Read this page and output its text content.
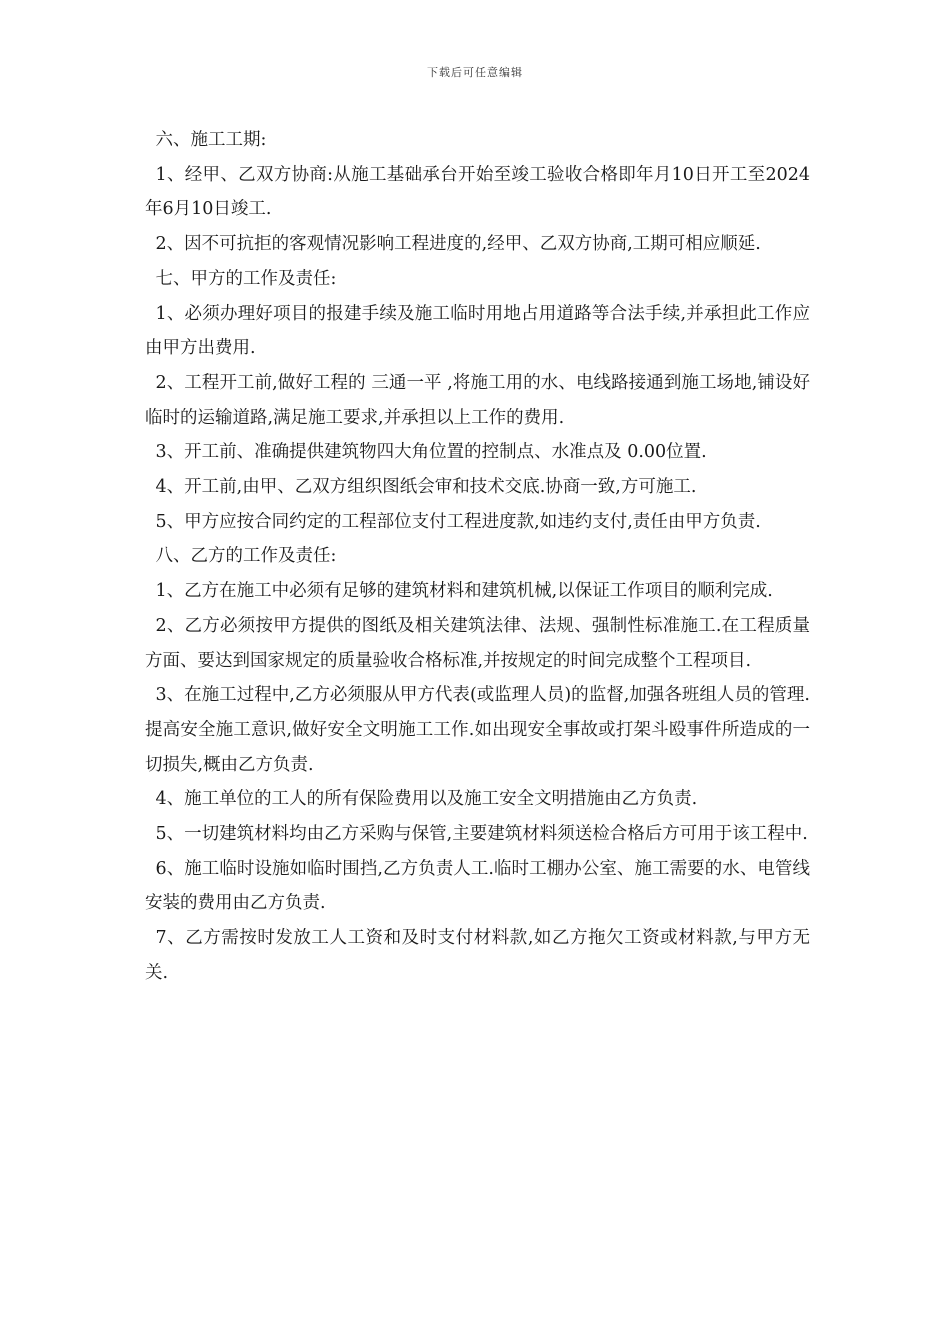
下载后可任意编辑

六、施工工期:

1、经甲、乙双方协商:从施工基础承台开始至竣工验收合格即年月10日开工至2024年6月10日竣工.

2、因不可抗拒的客观情况影响工程进度的,经甲、乙双方协商,工期可相应顺延.

七、甲方的工作及责任:

1、必须办理好项目的报建手续及施工临时用地占用道路等合法手续,并承担此工作应由甲方出费用.

2、工程开工前,做好工程的 三通一平 ,将施工用的水、电线路接通到施工场地,铺设好临时的运输道路,满足施工要求,并承担以上工作的费用.

3、开工前、准确提供建筑物四大角位置的控制点、水准点及 0.00位置.

4、开工前,由甲、乙双方组织图纸会审和技术交底.协商一致,方可施工.

5、甲方应按合同约定的工程部位支付工程进度款,如违约支付,责任由甲方负责.

八、乙方的工作及责任:

1、乙方在施工中必须有足够的建筑材料和建筑机械,以保证工作项目的顺利完成.

2、乙方必须按甲方提供的图纸及相关建筑法律、法规、强制性标准施工.在工程质量方面、要达到国家规定的质量验收合格标准,并按规定的时间完成整个工程项目.

3、在施工过程中,乙方必须服从甲方代表(或监理人员)的监督,加强各班组人员的管理.提高安全施工意识,做好安全文明施工工作.如出现安全事故或打架斗殴事件所造成的一切损失,概由乙方负责.

4、施工单位的工人的所有保险费用以及施工安全文明措施由乙方负责.

5、一切建筑材料均由乙方采购与保管,主要建筑材料须送检合格后方可用于该工程中.

6、施工临时设施如临时围挡,乙方负责人工.临时工棚办公室、施工需要的水、电管线安装的费用由乙方负责.

7、乙方需按时发放工人工资和及时支付材料款,如乙方拖欠工资或材料款,与甲方无关.
